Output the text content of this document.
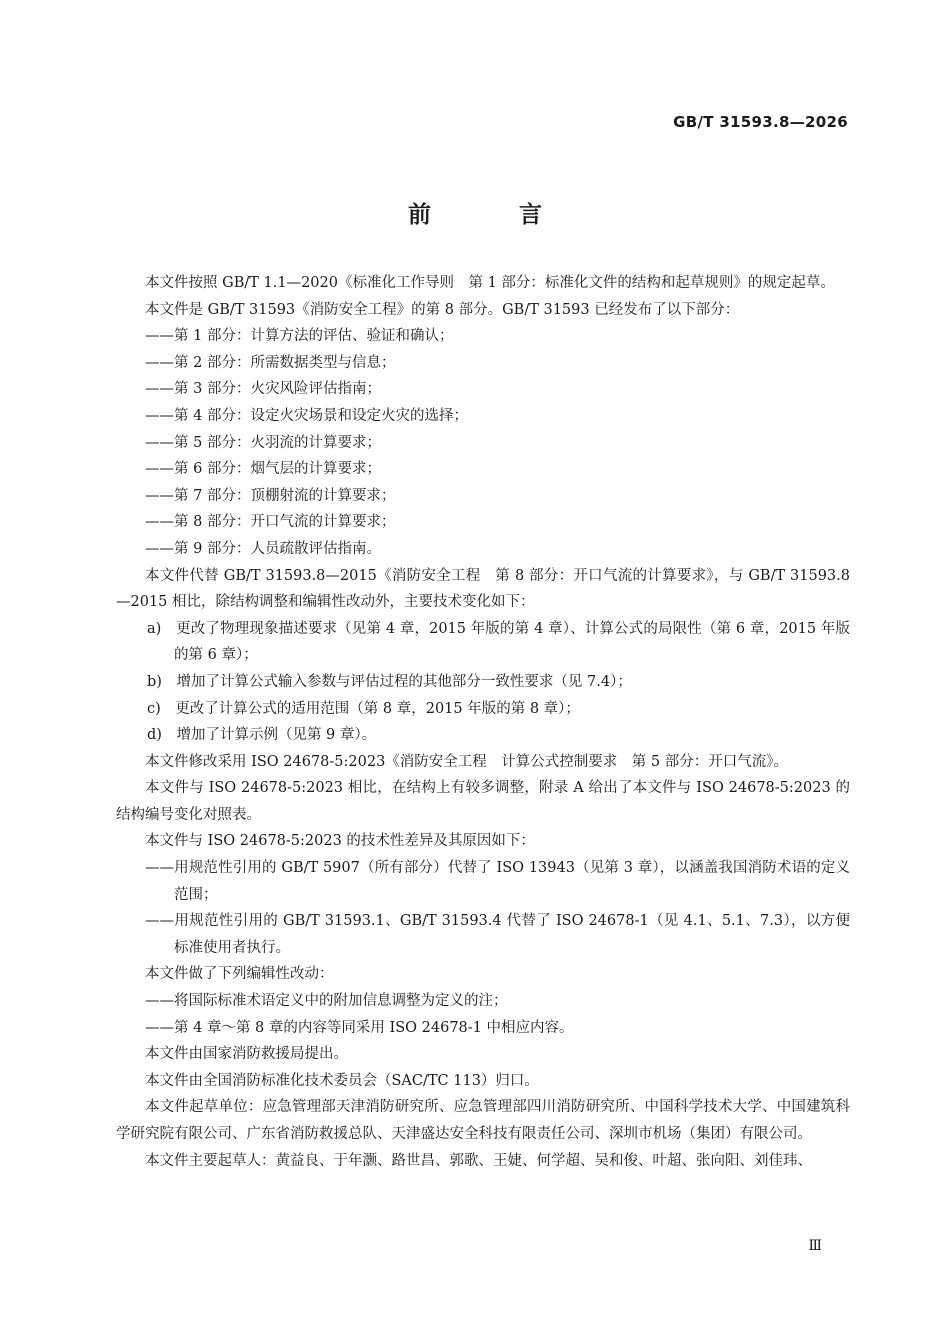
GB/T 31593.8—2026
前 言

本文件按照 GB/T 1.1—2020《标准化工作导则　第 1 部分：标准化文件的结构和起草规则》的规定起草。

本文件是 GB/T 31593《消防安全工程》的第 8 部分。GB/T 31593 已经发布了以下部分：

——第 1 部分：计算方法的评估、验证和确认；

——第 2 部分：所需数据类型与信息；

——第 3 部分：火灾风险评估指南；

——第 4 部分：设定火灾场景和设定火灾的选择；

——第 5 部分：火羽流的计算要求；

——第 6 部分：烟气层的计算要求；

——第 7 部分：顶棚射流的计算要求；

——第 8 部分：开口气流的计算要求；

——第 9 部分：人员疏散评估指南。

本文件代替 GB/T 31593.8—2015《消防安全工程　第 8 部分：开口气流的计算要求》，与 GB/T 31593.8—2015 相比，除结构调整和编辑性改动外，主要技术变化如下：

a)　更改了物理现象描述要求（见第 4 章，2015 年版的第 4 章）、计算公式的局限性（第 6 章，2015 年版的第 6 章）；

b)　增加了计算公式输入参数与评估过程的其他部分一致性要求（见 7.4）；

c)　更改了计算公式的适用范围（第 8 章，2015 年版的第 8 章）；

d)　增加了计算示例（见第 9 章）。

本文件修改采用 ISO 24678-5:2023《消防安全工程　计算公式控制要求　第 5 部分：开口气流》。

本文件与 ISO 24678-5:2023 相比，在结构上有较多调整，附录 A 给出了本文件与 ISO 24678-5:2023 的结构编号变化对照表。

本文件与 ISO 24678-5:2023 的技术性差异及其原因如下：

——用规范性引用的 GB/T 5907（所有部分）代替了 ISO 13943（见第 3 章），以涵盖我国消防术语的定义范围；

——用规范性引用的 GB/T 31593.1、GB/T 31593.4 代替了 ISO 24678-1（见 4.1、5.1、7.3），以方便标准使用者执行。

本文件做了下列编辑性改动：

——将国际标准术语定义中的附加信息调整为定义的注；

——第 4 章～第 8 章的内容等同采用 ISO 24678-1 中相应内容。

本文件由国家消防救援局提出。

本文件由全国消防标准化技术委员会（SAC/TC 113）归口。

本文件起草单位：应急管理部天津消防研究所、应急管理部四川消防研究所、中国科学技术大学、中国建筑科学研究院有限公司、广东省消防救援总队、天津盛达安全科技有限责任公司、深圳市机场（集团）有限公司。

本文件主要起草人：黄益良、于年灏、路世昌、郭歌、王婕、何学超、吴和俊、叶超、张向阳、刘佳玮、

Ⅲ
